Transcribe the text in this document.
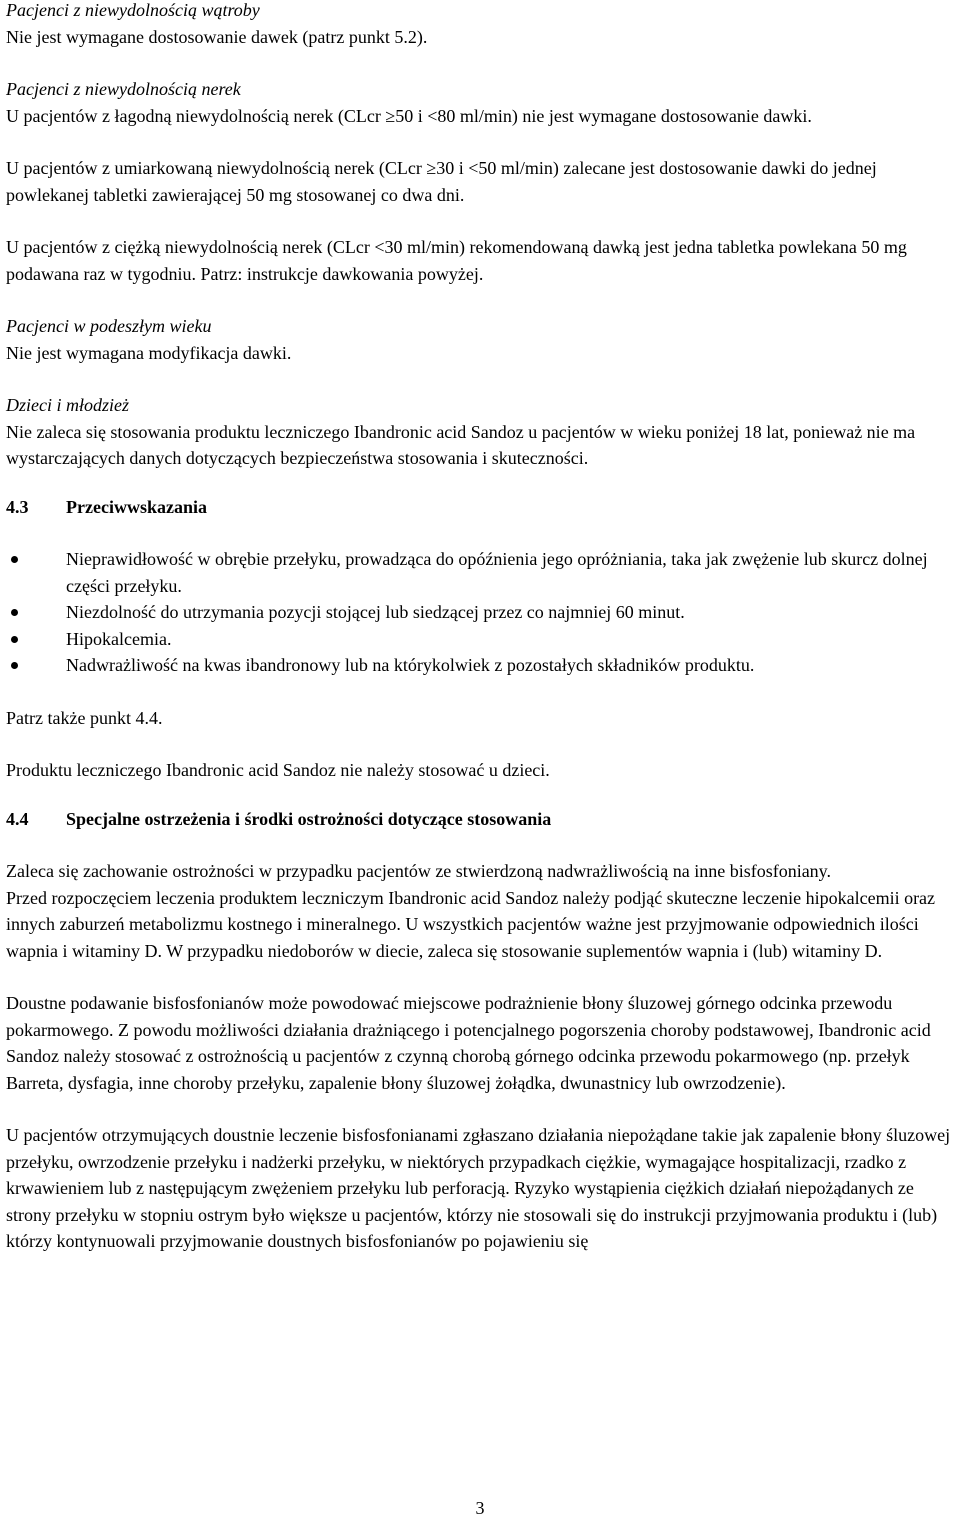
Pacjenci z niewydolnością wątroby

Nie jest wymagane dostosowanie dawek (patrz punkt 5.2).

Pacjenci z niewydolnością nerek

U pacjentów z łagodną niewydolnością nerek (CLcr ≥50 i <80 ml/min) nie jest wymagane dostosowanie dawki.

U pacjentów z umiarkowaną niewydolnością nerek (CLcr ≥30 i <50 ml/min) zalecane jest dostosowanie dawki do jednej powlekanej tabletki zawierającej 50 mg stosowanej co dwa dni.

U pacjentów z ciężką niewydolnością nerek (CLcr <30 ml/min) rekomendowaną dawką jest jedna tabletka powlekana 50 mg podawana raz w tygodniu. Patrz: instrukcje dawkowania powyżej.

Pacjenci w podeszłym wieku

Nie jest wymagana modyfikacja dawki.

Dzieci i młodzież

Nie zaleca się stosowania produktu leczniczego Ibandronic acid Sandoz u pacjentów w wieku poniżej 18 lat, ponieważ nie ma wystarczających danych dotyczących bezpieczeństwa stosowania i skuteczności.

4.3	Przeciwwskazania
Nieprawidłowość w obrębie przełyku, prowadząca do opóźnienia jego opróżniania, taka jak zwężenie lub skurcz dolnej części przełyku.
Niezdolność do utrzymania pozycji stojącej lub siedzącej przez co najmniej 60 minut.
Hipokalcemia.
Nadwrażliwość na kwas ibandronowy lub na którykolwiek z pozostałych składników produktu.

Patrz także punkt 4.4.

Produktu leczniczego Ibandronic acid Sandoz nie należy stosować u dzieci.

4.4	Specjalne ostrzeżenia i środki ostrożności dotyczące stosowania

Zaleca się zachowanie ostrożności w przypadku pacjentów ze stwierdzoną nadwrażliwością na inne bisfosfoniany.

Przed rozpoczęciem leczenia produktem leczniczym Ibandronic acid Sandoz należy podjąć skuteczne leczenie hipokalcemii oraz innych zaburzeń metabolizmu kostnego i mineralnego. U wszystkich pacjentów ważne jest przyjmowanie odpowiednich ilości wapnia i witaminy D. W przypadku niedoborów w diecie, zaleca się stosowanie suplementów wapnia i (lub) witaminy D.

Doustne podawanie bisfosfonianów może powodować miejscowe podrażnienie błony śluzowej górnego odcinka przewodu pokarmowego. Z powodu możliwości działania drażniącego i potencjalnego pogorszenia choroby podstawowej, Ibandronic acid Sandoz należy stosować z ostrożnością u pacjentów z czynną chorobą górnego odcinka przewodu pokarmowego (np. przełyk Barreta, dysfagia, inne choroby przełyku, zapalenie błony śluzowej żołądka, dwunastnicy lub owrzodzenie).

U pacjentów otrzymujących doustnie leczenie bisfosfonianami zgłaszano działania niepożądane takie jak zapalenie błony śluzowej przełyku, owrzodzenie przełyku i nadżerki przełyku, w niektórych przypadkach ciężkie, wymagające hospitalizacji, rzadko z krwawieniem lub z następującym zwężeniem przełyku lub perforacją. Ryzyko wystąpienia ciężkich działań niepożądanych ze strony przełyku w stopniu ostrym było większe u pacjentów, którzy nie stosowali się do instrukcji przyjmowania produktu i (lub) którzy kontynuowali przyjmowanie doustnych bisfosfonianów po pojawieniu się

3
